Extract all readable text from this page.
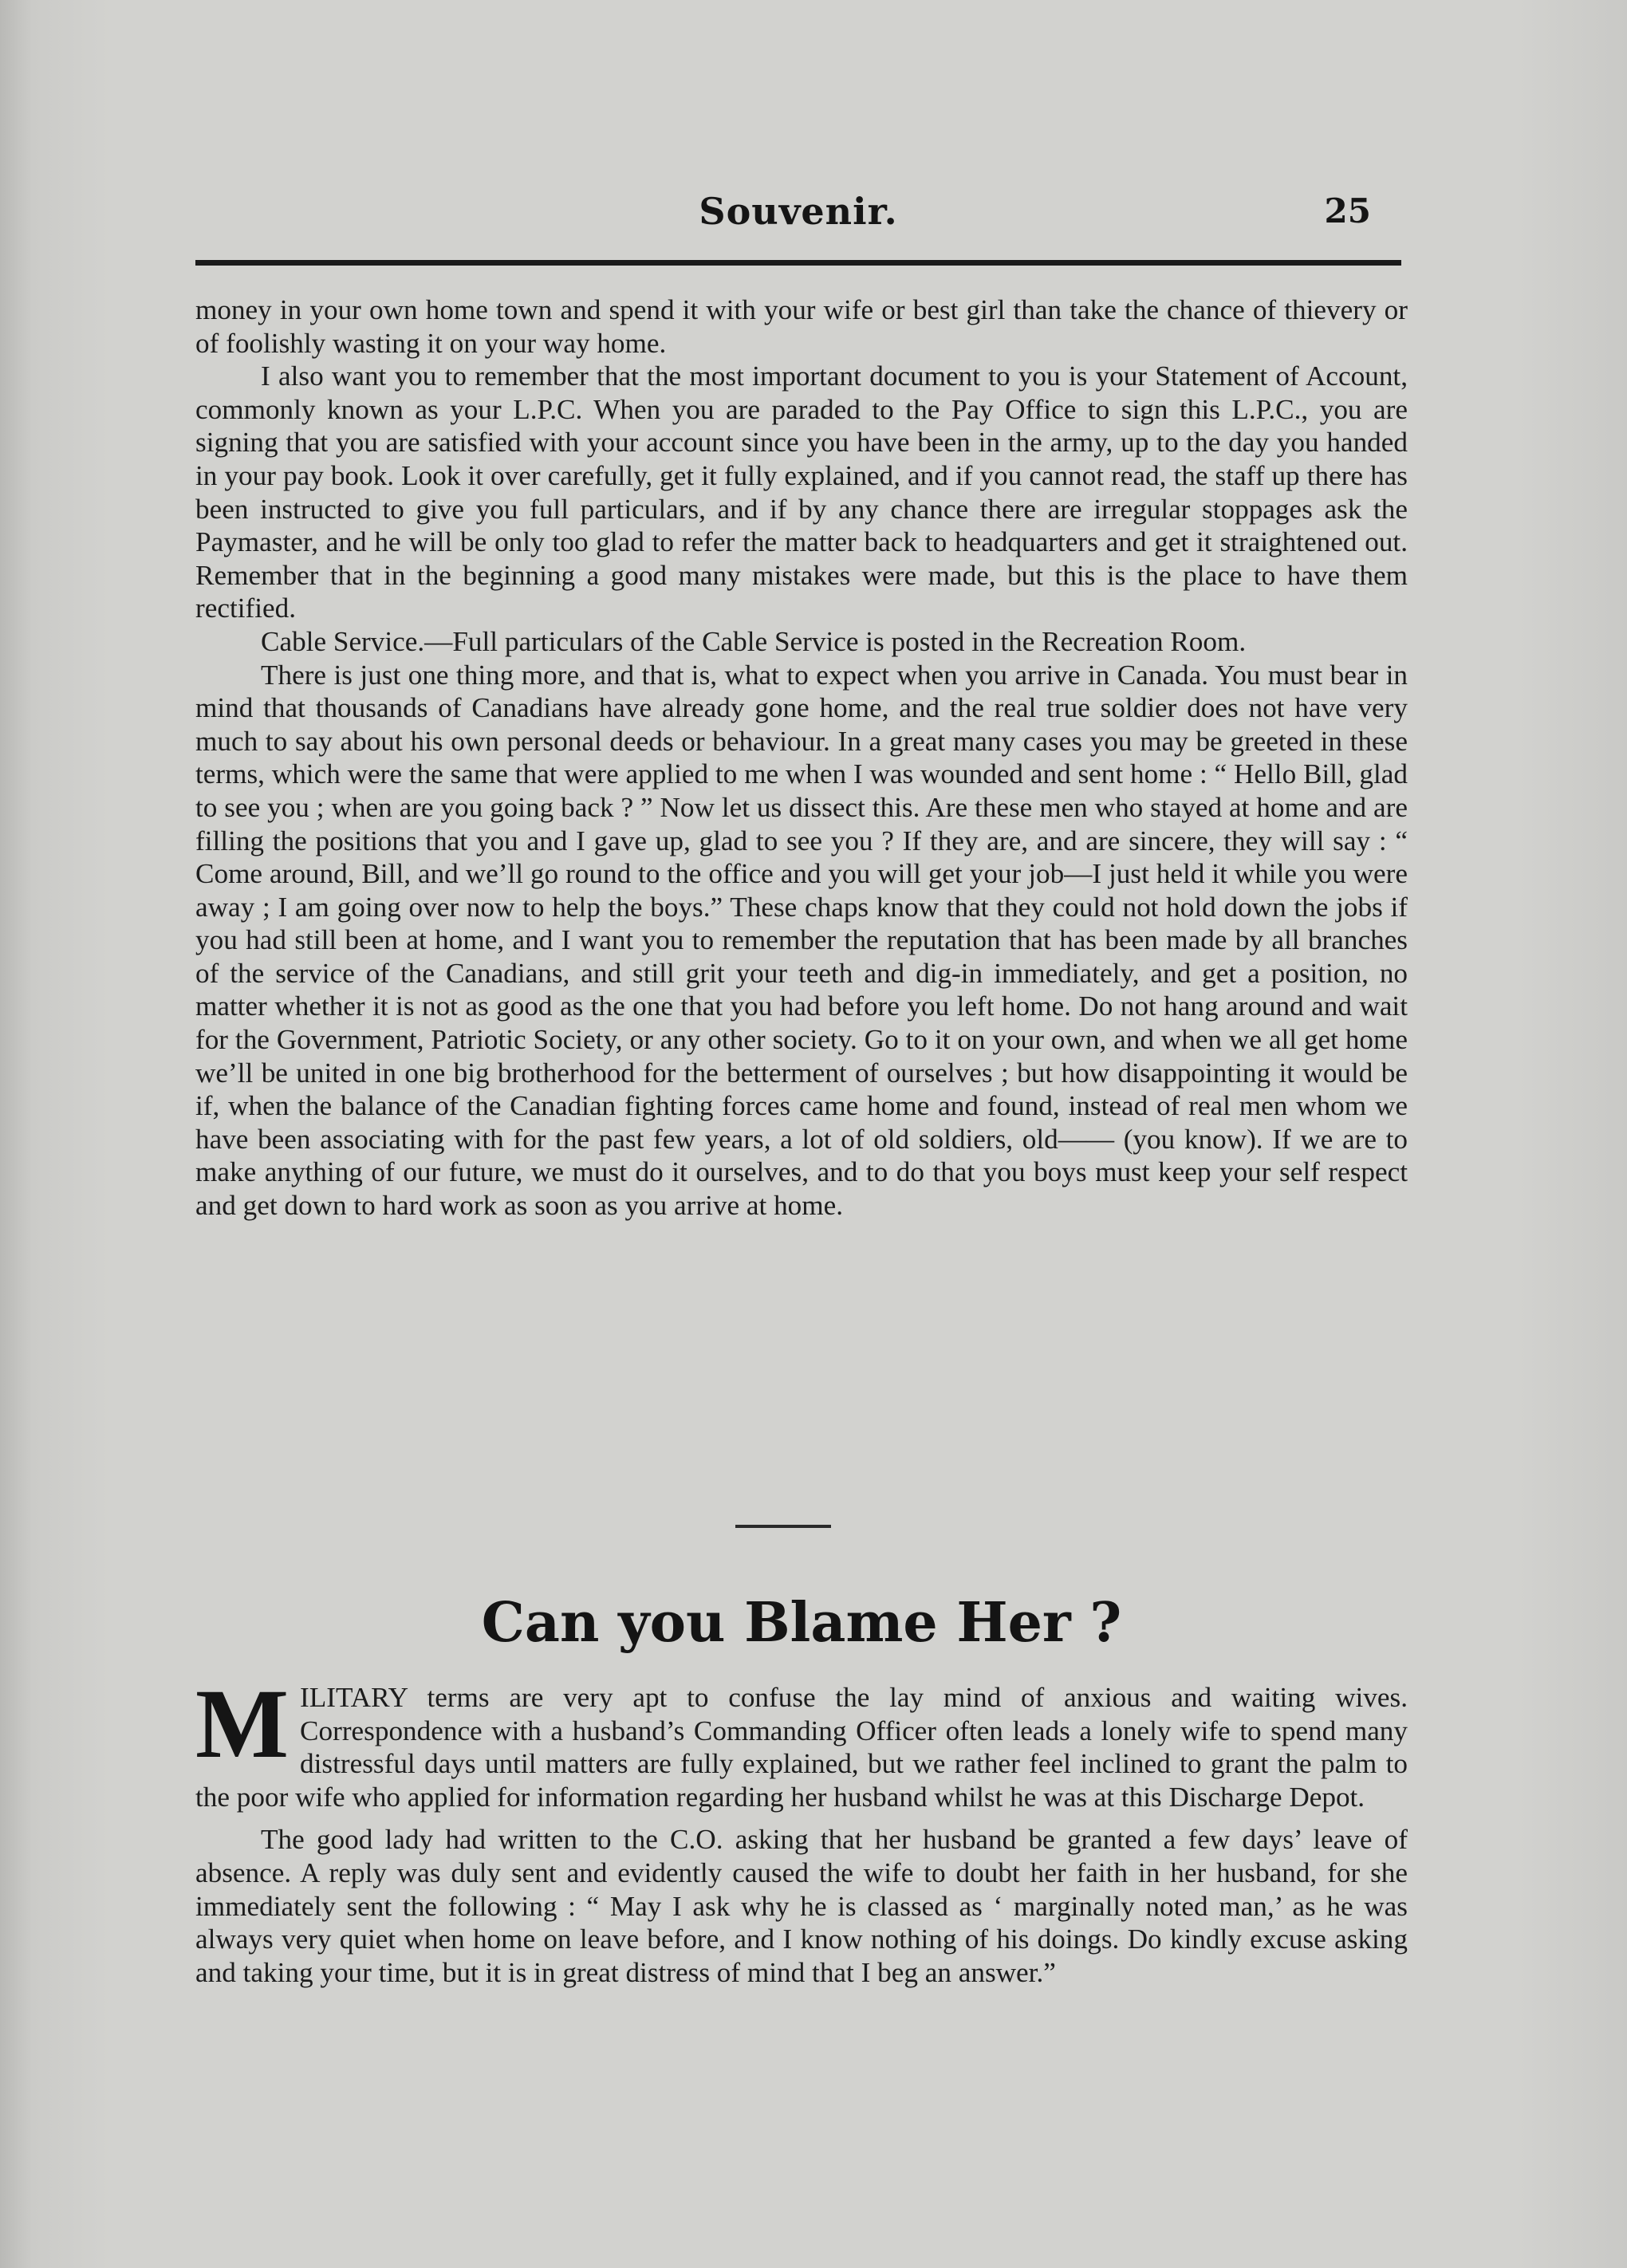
Souvenir.	25

money in your own home town and spend it with your wife or best girl than take the chance of thievery or of foolishly wasting it on your way home.

I also want you to remember that the most important document to you is your Statement of Account, commonly known as your L.P.C. When you are paraded to the Pay Office to sign this L.P.C., you are signing that you are satisfied with your account since you have been in the army, up to the day you handed in your pay book. Look it over carefully, get it fully explained, and if you cannot read, the staff up there has been instructed to give you full particulars, and if by any chance there are irregular stoppages ask the Paymaster, and he will be only too glad to refer the matter back to headquarters and get it straightened out. Remember that in the beginning a good many mistakes were made, but this is the place to have them rectified.

Cable Service.—Full particulars of the Cable Service is posted in the Recreation Room.

There is just one thing more, and that is, what to expect when you arrive in Canada. You must bear in mind that thousands of Canadians have already gone home, and the real true soldier does not have very much to say about his own personal deeds or behaviour. In a great many cases you may be greeted in these terms, which were the same that were applied to me when I was wounded and sent home : “ Hello Bill, glad to see you ; when are you going back ? ” Now let us dissect this. Are these men who stayed at home and are filling the positions that you and I gave up, glad to see you ? If they are, and are sincere, they will say : “ Come around, Bill, and we’ll go round to the office and you will get your job—I just held it while you were away ; I am going over now to help the boys.” These chaps know that they could not hold down the jobs if you had still been at home, and I want you to remember the reputation that has been made by all branches of the service of the Canadians, and still grit your teeth and dig-in immediately, and get a position, no matter whether it is not as good as the one that you had before you left home. Do not hang around and wait for the Government, Patriotic Society, or any other society. Go to it on your own, and when we all get home we’ll be united in one big brotherhood for the betterment of ourselves ; but how disappointing it would be if, when the balance of the Canadian fighting forces came home and found, instead of real men whom we have been associating with for the past few years, a lot of old soldiers, old—— (you know). If we are to make anything of our future, we must do it ourselves, and to do that you boys must keep your self respect and get down to hard work as soon as you arrive at home.

Can you Blame Her ?

M ILITARY terms are very apt to confuse the lay mind of anxious and waiting wives. Correspondence with a husband’s Commanding Officer often leads a lonely wife to spend many distressful days until matters are fully explained, but we rather feel inclined to grant the palm to the poor wife who applied for information regarding her husband whilst he was at this Discharge Depot.

The good lady had written to the C.O. asking that her husband be granted a few days’ leave of absence. A reply was duly sent and evidently caused the wife to doubt her faith in her husband, for she immediately sent the following : “ May I ask why he is classed as ‘ marginally noted man,’ as he was always very quiet when home on leave before, and I know nothing of his doings. Do kindly excuse asking and taking your time, but it is in great distress of mind that I beg an answer.”
